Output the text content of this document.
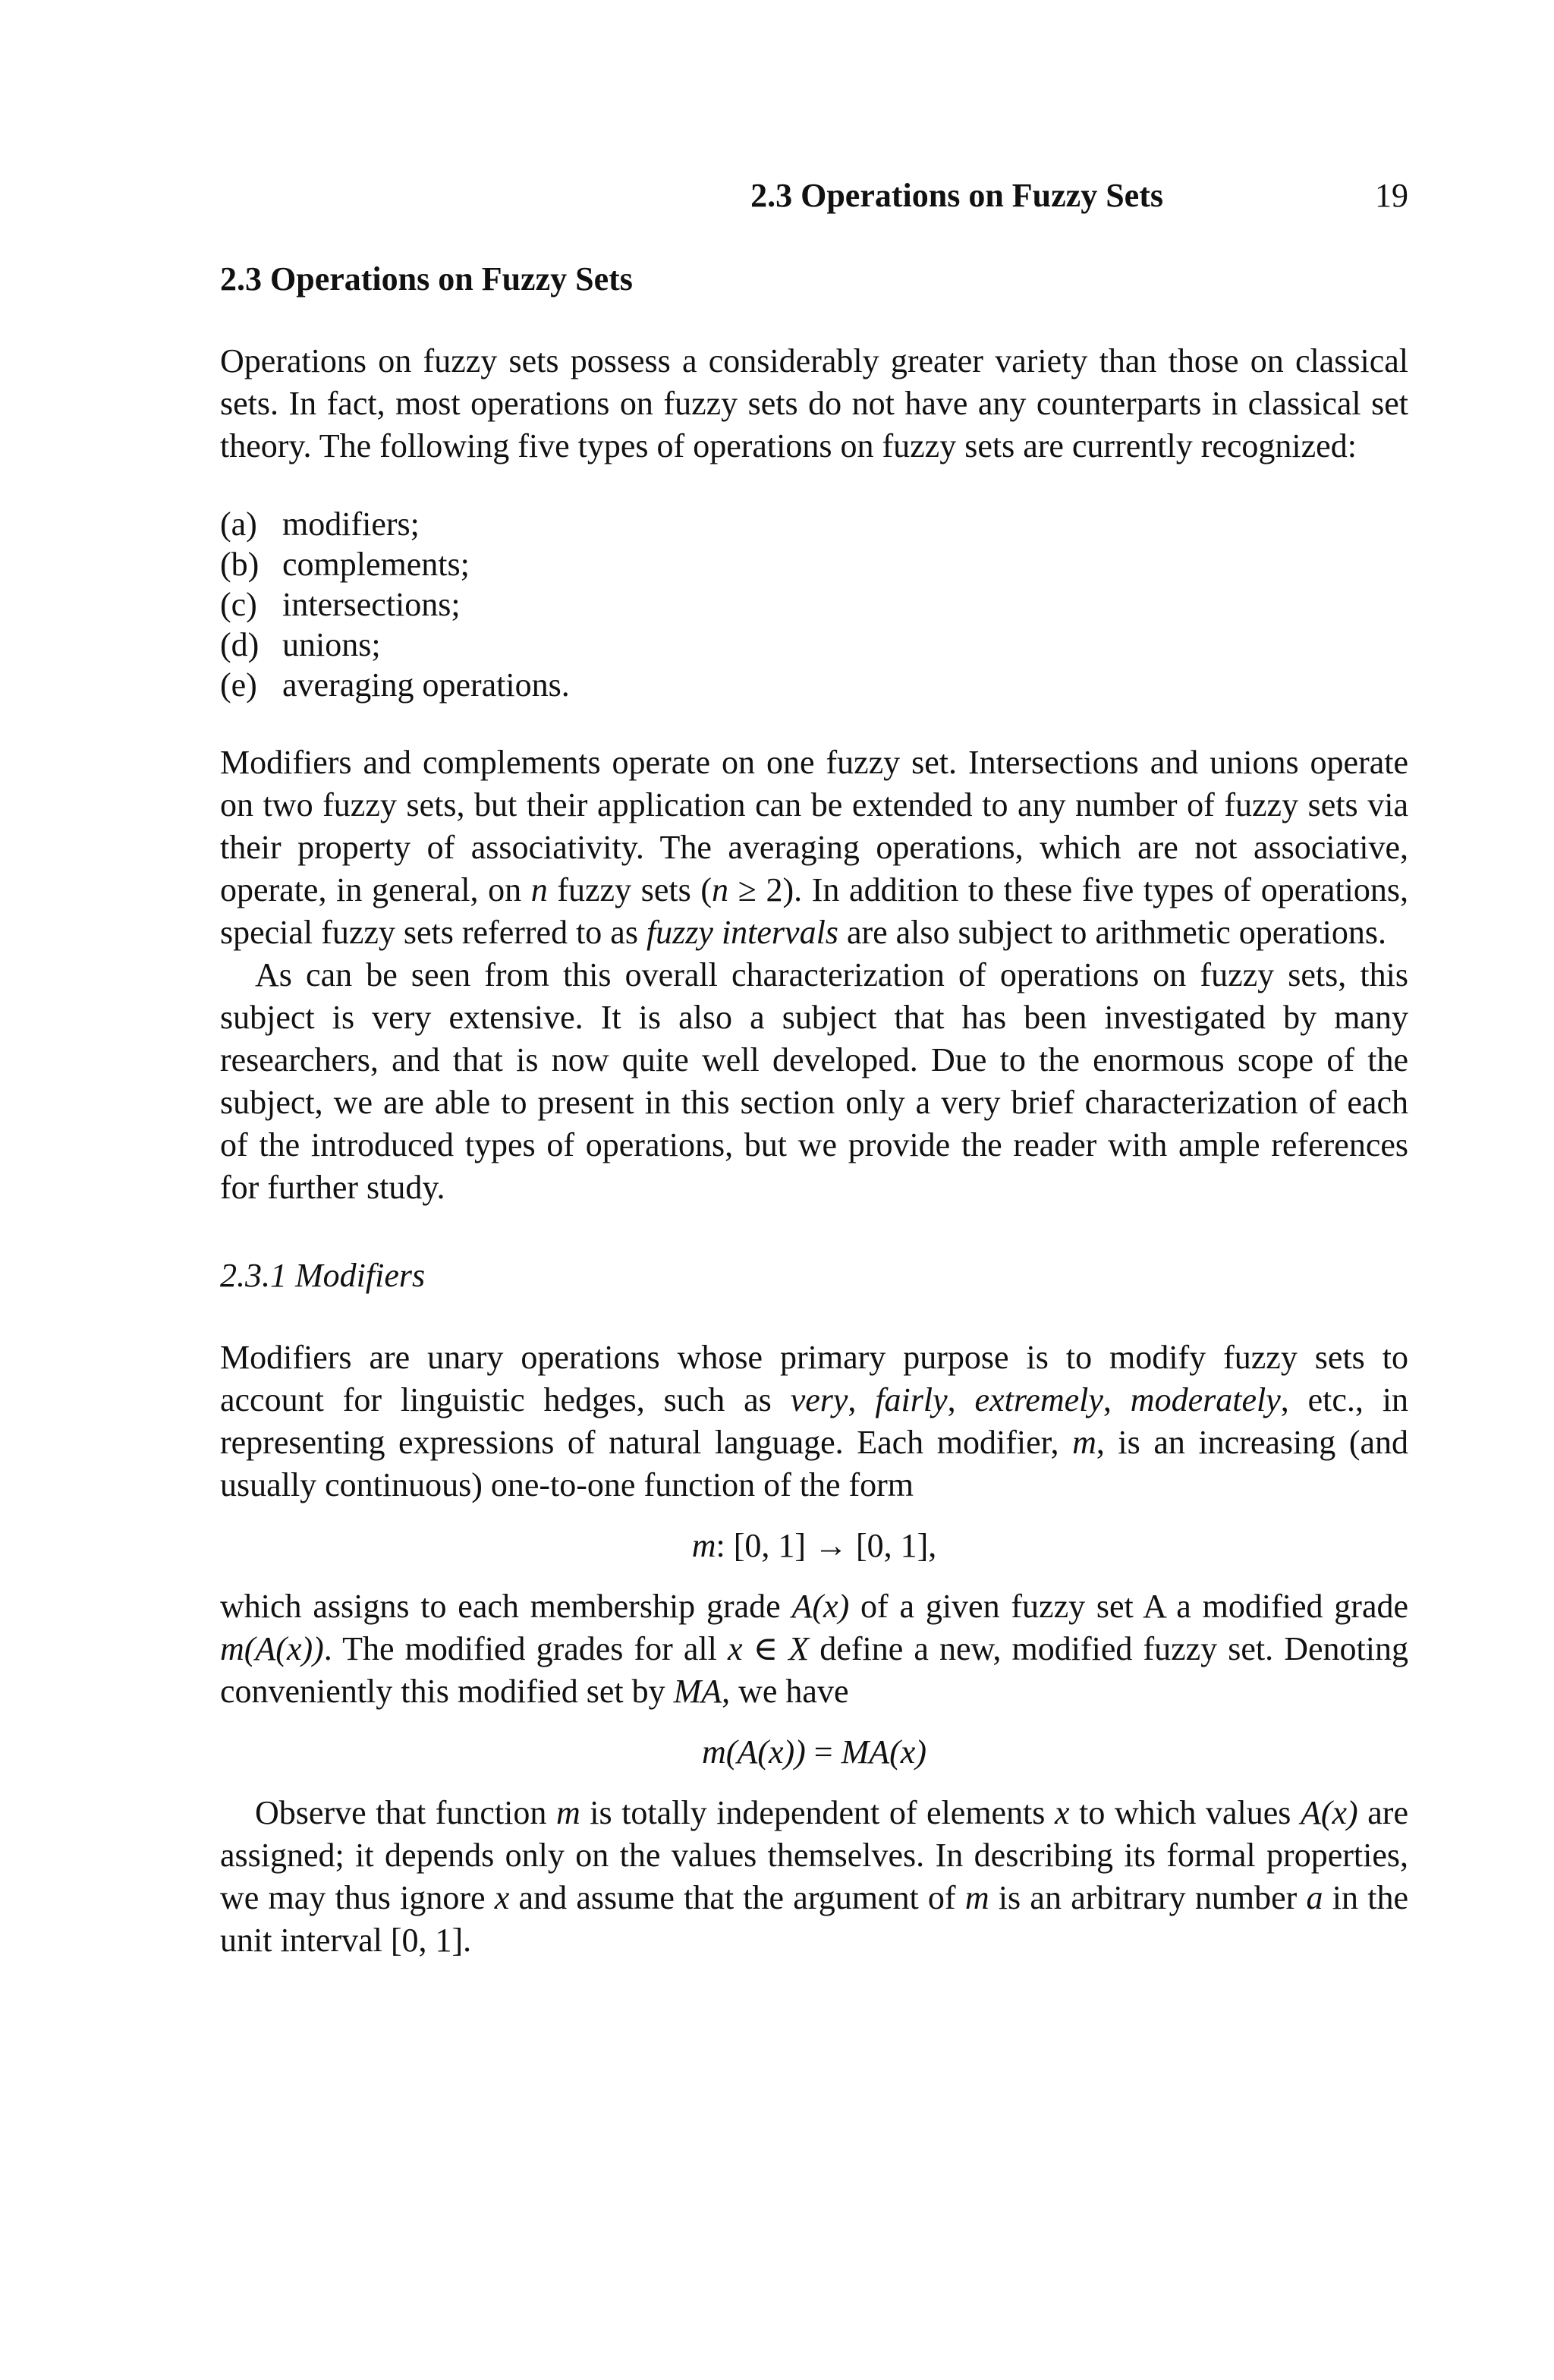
2.3 Operations on Fuzzy Sets	19
2.3 Operations on Fuzzy Sets

Operations on fuzzy sets possess a considerably greater variety than those on classical sets. In fact, most operations on fuzzy sets do not have any counterparts in classical set theory. The following five types of operations on fuzzy sets are currently recognized:

(a) modifiers;
(b) complements;
(c) intersections;
(d) unions;
(e) averaging operations.

Modifiers and complements operate on one fuzzy set. Intersections and unions operate on two fuzzy sets, but their application can be extended to any number of fuzzy sets via their property of associativity. The averaging operations, which are not associative, operate, in general, on n fuzzy sets (n ≥ 2). In addition to these five types of operations, special fuzzy sets referred to as fuzzy intervals are also subject to arithmetic operations.

As can be seen from this overall characterization of operations on fuzzy sets, this subject is very extensive. It is also a subject that has been investigated by many researchers, and that is now quite well developed. Due to the enormous scope of the subject, we are able to present in this section only a very brief characterization of each of the introduced types of operations, but we provide the reader with ample references for further study.

2.3.1 Modifiers

Modifiers are unary operations whose primary purpose is to modify fuzzy sets to account for linguistic hedges, such as very, fairly, extremely, moderately, etc., in representing expressions of natural language. Each modifier, m, is an increasing (and usually continuous) one-to-one function of the form

m: [0, 1] → [0, 1],

which assigns to each membership grade A(x) of a given fuzzy set A a modified grade m(A(x)). The modified grades for all x ∈ X define a new, modified fuzzy set. Denoting conveniently this modified set by MA, we have

m(A(x)) = MA(x)

Observe that function m is totally independent of elements x to which values A(x) are assigned; it depends only on the values themselves. In describing its formal properties, we may thus ignore x and assume that the argument of m is an arbitrary number a in the unit interval [0, 1].
